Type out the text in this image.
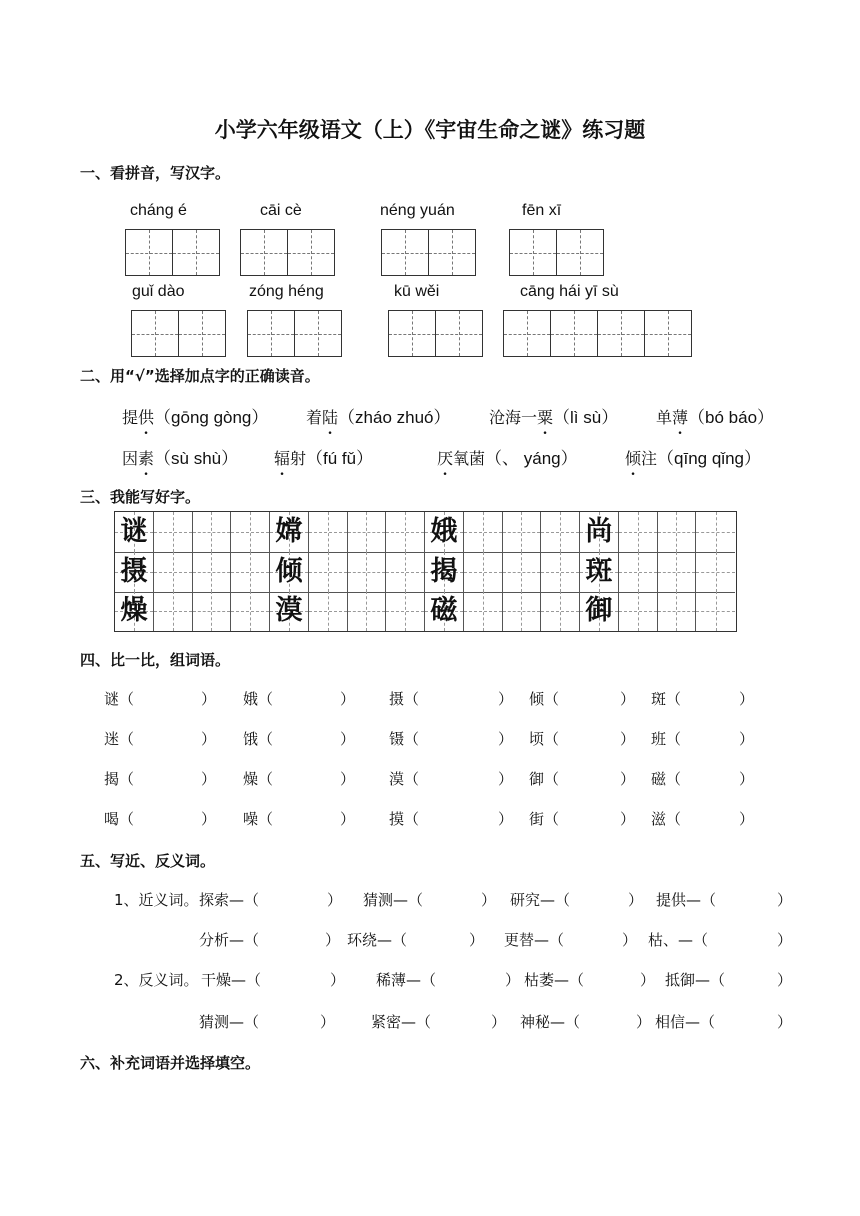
小学六年级语文（上）《宇宙生命之谜》练习题
一、看拼音，写汉字。
cháng é	cāi cè	néng yuán	fēn xī
guǐ dào	zóng héng	kū wěi	cāng hái yī sù
二、用“√”选择加点字的正确读音。
提供（gōng gòng） 着陆（zháo zhuó） 沧海一粟（lì sù） 单薄（bó báo）
因素（sù shù） 辐射（fú fǔ）	厌氧菌（、 yáng）	倾注（qīng qǐng）
三、我能写好字。
谜	嫦	娥	尚
摄	倾	揭	斑
燥	漠	磁	御
四、比一比，组词语。
谜（	） 娥（	） 摄（	） 倾（	） 斑（	）
迷（	） 饿（	） 镊（	） 顷（	） 班（	）
揭（	） 燥（	） 漠（	） 御（	） 磁（	）
喝（	） 噪（	） 摸（	） 街（	） 滋（	）
五、写近、反义词。
1、近义词。
2、反义词。
探索—（	） 猜测—（	） 研究—（	） 提供—（	）
分析—（	） 环绕—（	） 更替—（	） 枯、—（	）
干燥—（	） 稀薄—（	） 枯萎—（	） 抵御—（	）
猜测—（	） 紧密—（	） 神秘—（	） 相信—（	）
六、补充词语并选择填空。
